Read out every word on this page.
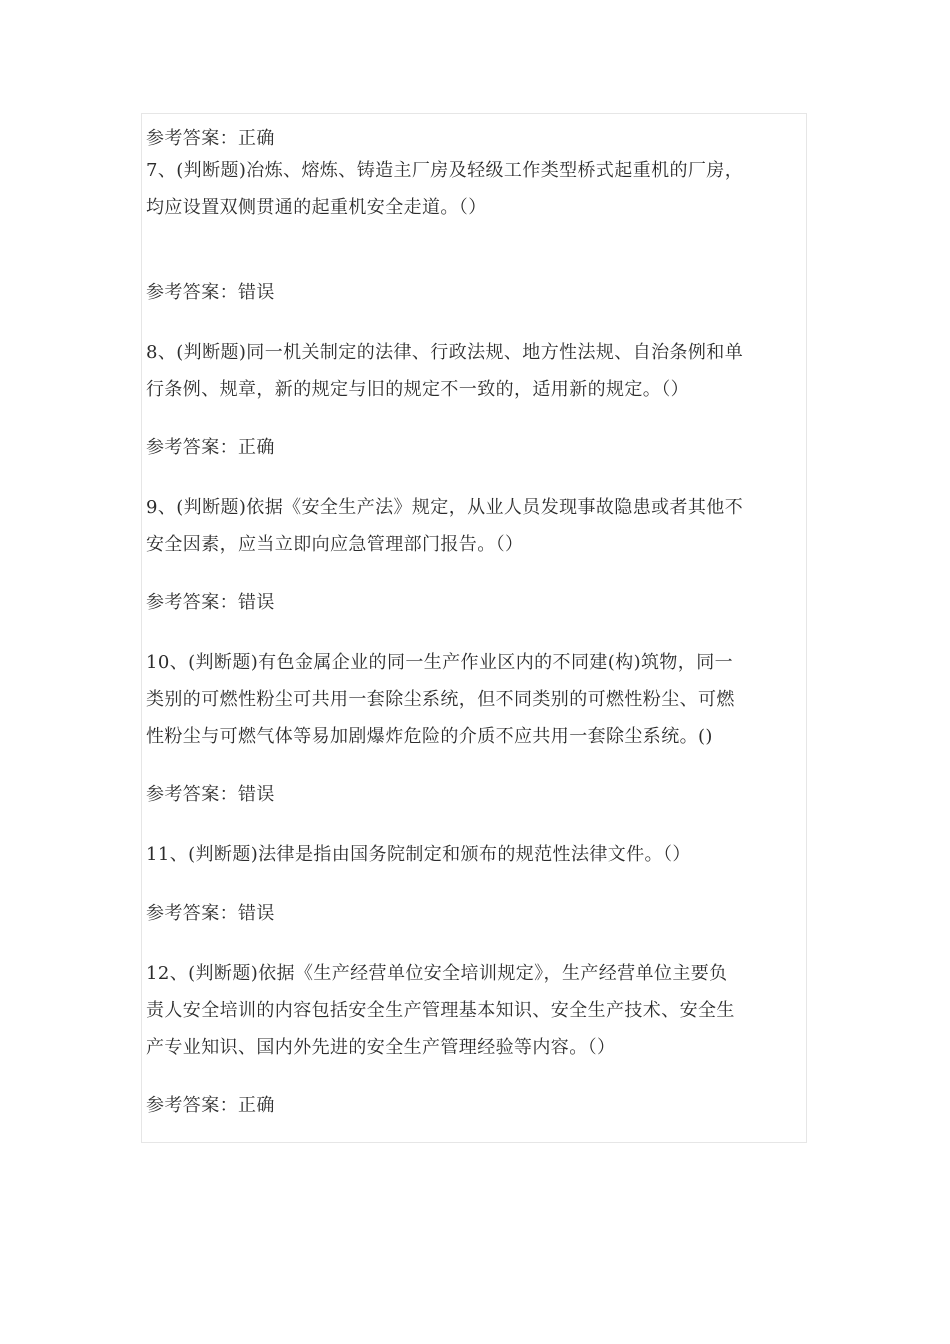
参考答案：正确
7、(判断题)冶炼、熔炼、铸造主厂房及轻级工作类型桥式起重机的厂房，
均应设置双侧贯通的起重机安全走道。（）
参考答案：错误
8、(判断题)同一机关制定的法律、行政法规、地方性法规、自治条例和单
行条例、规章，新的规定与旧的规定不一致的，适用新的规定。（）
参考答案：正确
9、(判断题)依据《安全生产法》规定，从业人员发现事故隐患或者其他不
安全因素，应当立即向应急管理部门报告。（）
参考答案：错误
10、(判断题)有色金属企业的同一生产作业区内的不同建(构)筑物，同一
类别的可燃性粉尘可共用一套除尘系统，但不同类别的可燃性粉尘、可燃
性粉尘与可燃气体等易加剧爆炸危险的介质不应共用一套除尘系统。()
参考答案：错误
11、(判断题)法律是指由国务院制定和颁布的规范性法律文件。（）
参考答案：错误
12、(判断题)依据《生产经营单位安全培训规定》，生产经营单位主要负
责人安全培训的内容包括安全生产管理基本知识、安全生产技术、安全生
产专业知识、国内外先进的安全生产管理经验等内容。（）
参考答案：正确
